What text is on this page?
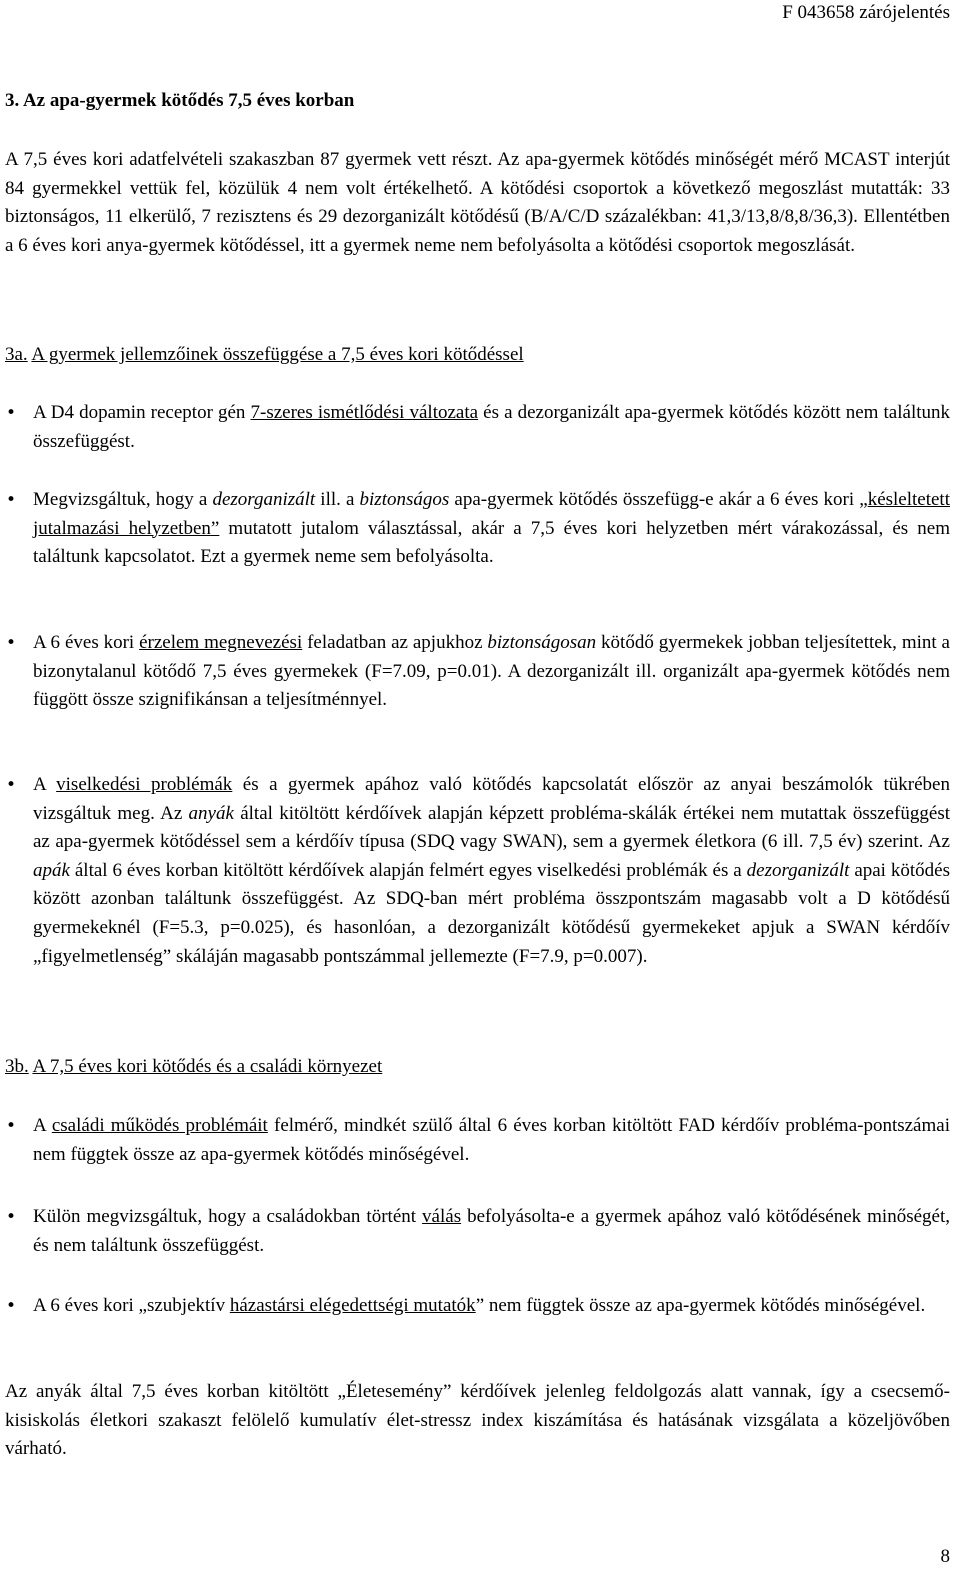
F 043658 zárójelentés
3. Az apa-gyermek kötődés 7,5 éves korban

A 7,5 éves kori adatfelvételi szakaszban 87 gyermek vett részt. Az apa-gyermek kötődés minőségét mérő MCAST interjút 84 gyermekkel vettük fel, közülük 4 nem volt értékelhető. A kötődési csoportok a következő megoszlást mutatták: 33 biztonságos, 11 elkerülő, 7 rezisztens és 29 dezorganizált kötődésű (B/A/C/D százalékban: 41,3/13,8/8,8/36,3). Ellentétben a 6 éves kori anya-gyermek kötődéssel, itt a gyermek neme nem befolyásolta a kötődési csoportok megoszlását.

3a. A gyermek jellemzőinek összefüggése a 7,5 éves kori kötődéssel

• A D4 dopamin receptor gén 7-szeres ismétlődési változata és a dezorganizált apa-gyermek kötődés között nem találtunk összefüggést.

• Megvizsgáltuk, hogy a dezorganizált ill. a biztonságos apa-gyermek kötődés összefügg-e akár a 6 éves kori „késleltetett jutalmazási helyzetben” mutatott jutalom választással, akár a 7,5 éves kori helyzetben mért várakozással, és nem találtunk kapcsolatot. Ezt a gyermek neme sem befolyásolta.

• A 6 éves kori érzelem megnevezési feladatban az apjukhoz biztonságosan kötődő gyermekek jobban teljesítettek, mint a bizonytalanul kötődő 7,5 éves gyermekek (F=7.09, p=0.01). A dezorganizált ill. organizált apa-gyermek kötődés nem függött össze szignifikánsan a teljesítménnyel.

• A viselkedési problémák és a gyermek apához való kötődés kapcsolatát először az anyai beszámolók tükrében vizsgáltuk meg. Az anyák által kitöltött kérdőívek alapján képzett probléma-skálák értékei nem mutattak összefüggést az apa-gyermek kötődéssel sem a kérdőív típusa (SDQ vagy SWAN), sem a gyermek életkora (6 ill. 7,5 év) szerint. Az apák által 6 éves korban kitöltött kérdőívek alapján felmért egyes viselkedési problémák és a dezorganizált apai kötődés között azonban találtunk összefüggést. Az SDQ-ban mért probléma összpontszám magasabb volt a D kötődésű gyermekeknél (F=5.3, p=0.025), és hasonlóan, a dezorganizált kötődésű gyermekeket apjuk a SWAN kérdőív „figyelmetlenség” skáláján magasabb pontszámmal jellemezte (F=7.9, p=0.007).

3b. A 7,5 éves kori kötődés és a családi környezet

• A családi működés problémáit felmérő, mindkét szülő által 6 éves korban kitöltött FAD kérdőív probléma-pontszámai nem függtek össze az apa-gyermek kötődés minőségével.

• Külön megvizsgáltuk, hogy a családokban történt válás befolyásolta-e a gyermek apához való kötődésének minőségét, és nem találtunk összefüggést.

• A 6 éves kori „szubjektív házastársi elégedettségi mutatók” nem függtek össze az apa-gyermek kötődés minőségével.

Az anyák által 7,5 éves korban kitöltött „Életesemény” kérdőívek jelenleg feldolgozás alatt vannak, így a csecsemő-kisiskolás életkori szakaszt felölelő kumulatív élet-stressz index kiszámítása és hatásának vizsgálata a közeljövőben várható.

8
